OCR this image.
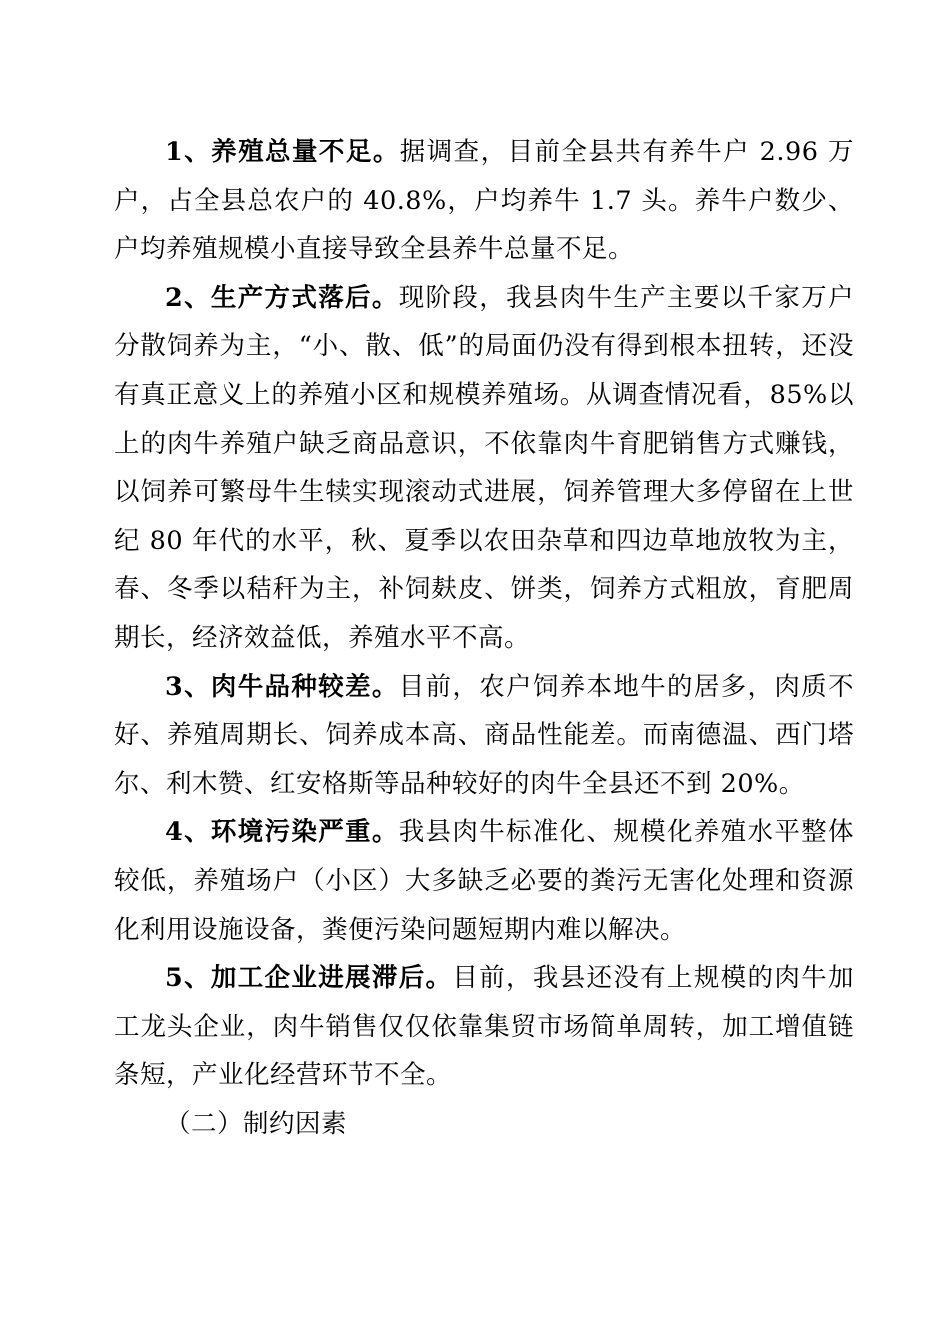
1、养殖总量不足。据调查，目前全县共有养牛户 2.96 万户，占全县总农户的 40.8%，户均养牛 1.7 头。养牛户数少、户均养殖规模小直接导致全县养牛总量不足。

2、生产方式落后。现阶段，我县肉牛生产主要以千家万户分散饲养为主，“小、散、低”的局面仍没有得到根本扭转，还没有真正意义上的养殖小区和规模养殖场。从调查情况看，85%以上的肉牛养殖户缺乏商品意识，不依靠肉牛育肥销售方式赚钱，以饲养可繁母牛生犊实现滚动式进展，饲养管理大多停留在上世纪 80 年代的水平，秋、夏季以农田杂草和四边草地放牧为主，春、冬季以秸秆为主，补饲麸皮、饼类，饲养方式粗放，育肥周期长，经济效益低，养殖水平不高。

3、肉牛品种较差。目前，农户饲养本地牛的居多，肉质不好、养殖周期长、饲养成本高、商品性能差。而南德温、西门塔尔、利木赞、红安格斯等品种较好的肉牛全县还不到 20%。

4、环境污染严重。我县肉牛标准化、规模化养殖水平整体较低，养殖场户（小区）大多缺乏必要的粪污无害化处理和资源化利用设施设备，粪便污染问题短期内难以解决。

5、加工企业进展滞后。目前，我县还没有上规模的肉牛加工龙头企业，肉牛销售仅仅依靠集贸市场简单周转，加工增值链条短，产业化经营环节不全。

（二）制约因素
